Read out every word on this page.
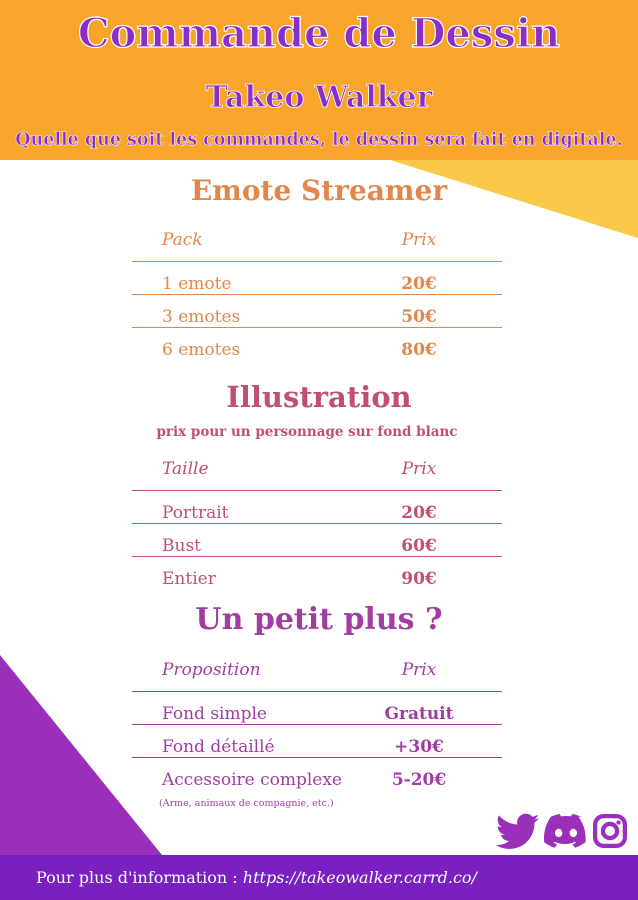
Commande de Dessin
Takeo Walker
Quelle que soit les commandes, le dessin sera fait en digitale.
Emote Streamer
Pack	Prix
1 emote	20€
3 emotes	50€
6 emotes	80€
Illustration
prix pour un personnage sur fond blanc
Taille	Prix
Portrait	20€
Bust	60€
Entier	90€
Un petit plus ?
Proposition	Prix
Fond simple	Gratuit
Fond détaillé	+30€
Accessoire complexe	5-20€
(Arme, animaux de compagnie, etc.)
Pour plus d'information : https://takeowalker.carrd.co/
